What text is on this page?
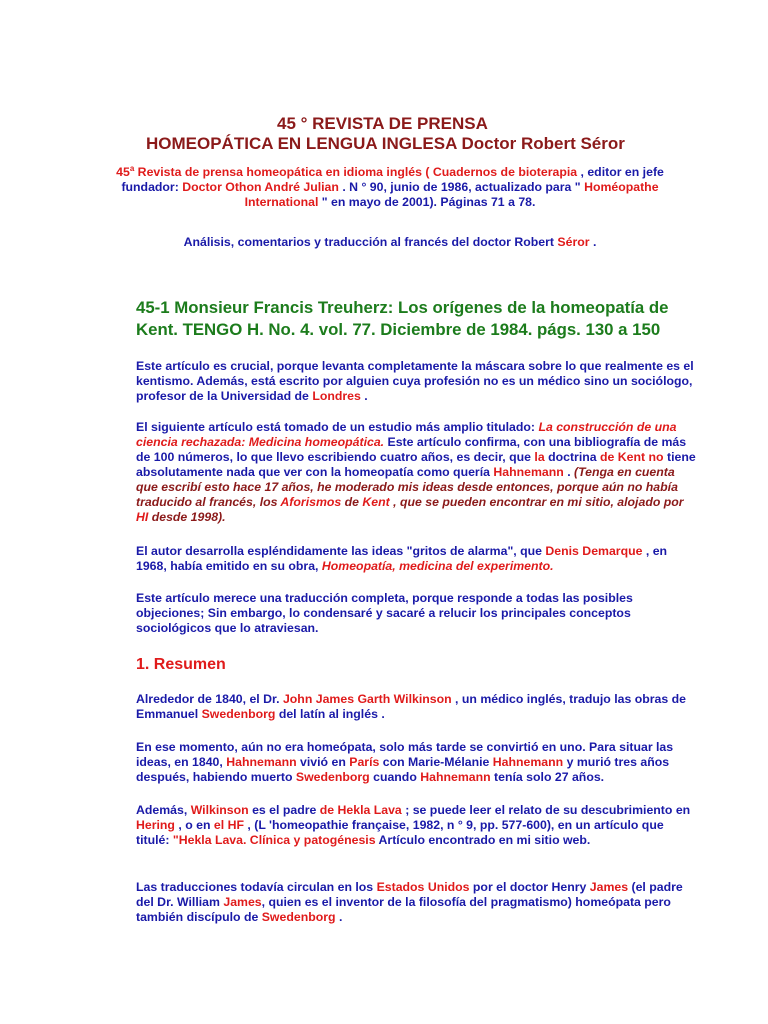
45 ° REVISTA DE PRENSA
HOMEOPÁTICA EN LENGUA INGLESA Doctor Robert Séror
45$^a$ Revista de prensa homeopática en idioma inglés ( Cuadernos de bioterapia , editor en jefe fundador: Doctor Othon André Julian . N ° 90, junio de 1986, actualizado para " Homéopathe International " en mayo de 2001). Páginas 71 a 78.
Análisis, comentarios y traducción al francés del doctor Robert Séror .
45-1 Monsieur Francis Treuherz: Los orígenes de la homeopatía de Kent. TENGO H. No. 4. vol. 77. Diciembre de 1984. págs. 130 a 150
Este artículo es crucial, porque levanta completamente la máscara sobre lo que realmente es el kentismo. Además, está escrito por alguien cuya profesión no es un médico sino un sociólogo, profesor de la Universidad de Londres .
El siguiente artículo está tomado de un estudio más amplio titulado: La construcción de una ciencia rechazada: Medicina homeopática. Este artículo confirma, con una bibliografía de más de 100 números, lo que llevo escribiendo cuatro años, es decir, que la doctrina de Kent no tiene absolutamente nada que ver con la homeopatía como quería Hahnemann . (Tenga en cuenta que escribí esto hace 17 años, he moderado mis ideas desde entonces, porque aún no había traducido al francés, los Aforismos de Kent , que se pueden encontrar en mi sitio, alojado por HI desde 1998).
El autor desarrolla espléndidamente las ideas "gritos de alarma", que Denis Demarque , en 1968, había emitido en su obra, Homeopatía, medicina del experimento.
Este artículo merece una traducción completa, porque responde a todas las posibles objeciones; Sin embargo, lo condensaré y sacaré a relucir los principales conceptos sociológicos que lo atraviesan.
1. Resumen
Alrededor de 1840, el Dr. John James Garth Wilkinson , un médico inglés, tradujo las obras de Emmanuel Swedenborg del latín al inglés .
En ese momento, aún no era homeópata, solo más tarde se convirtió en uno. Para situar las ideas, en 1840, Hahnemann vivió en París con Marie-Mélanie Hahnemann y murió tres años después, habiendo muerto Swedenborg cuando Hahnemann tenía solo 27 años.
Además, Wilkinson es el padre de Hekla Lava ; se puede leer el relato de su descubrimiento en Hering , o en el HF , (L 'homeopathie française, 1982, n ° 9, pp. 577-600), en un artículo que titulé: "Hekla Lava. Clínica y patogénesis Artículo encontrado en mi sitio web.
Las traducciones todavía circulan en los Estados Unidos por el doctor Henry James (el padre del Dr. William James, quien es el inventor de la filosofía del pragmatismo) homeópata pero también discípulo de Swedenborg .
